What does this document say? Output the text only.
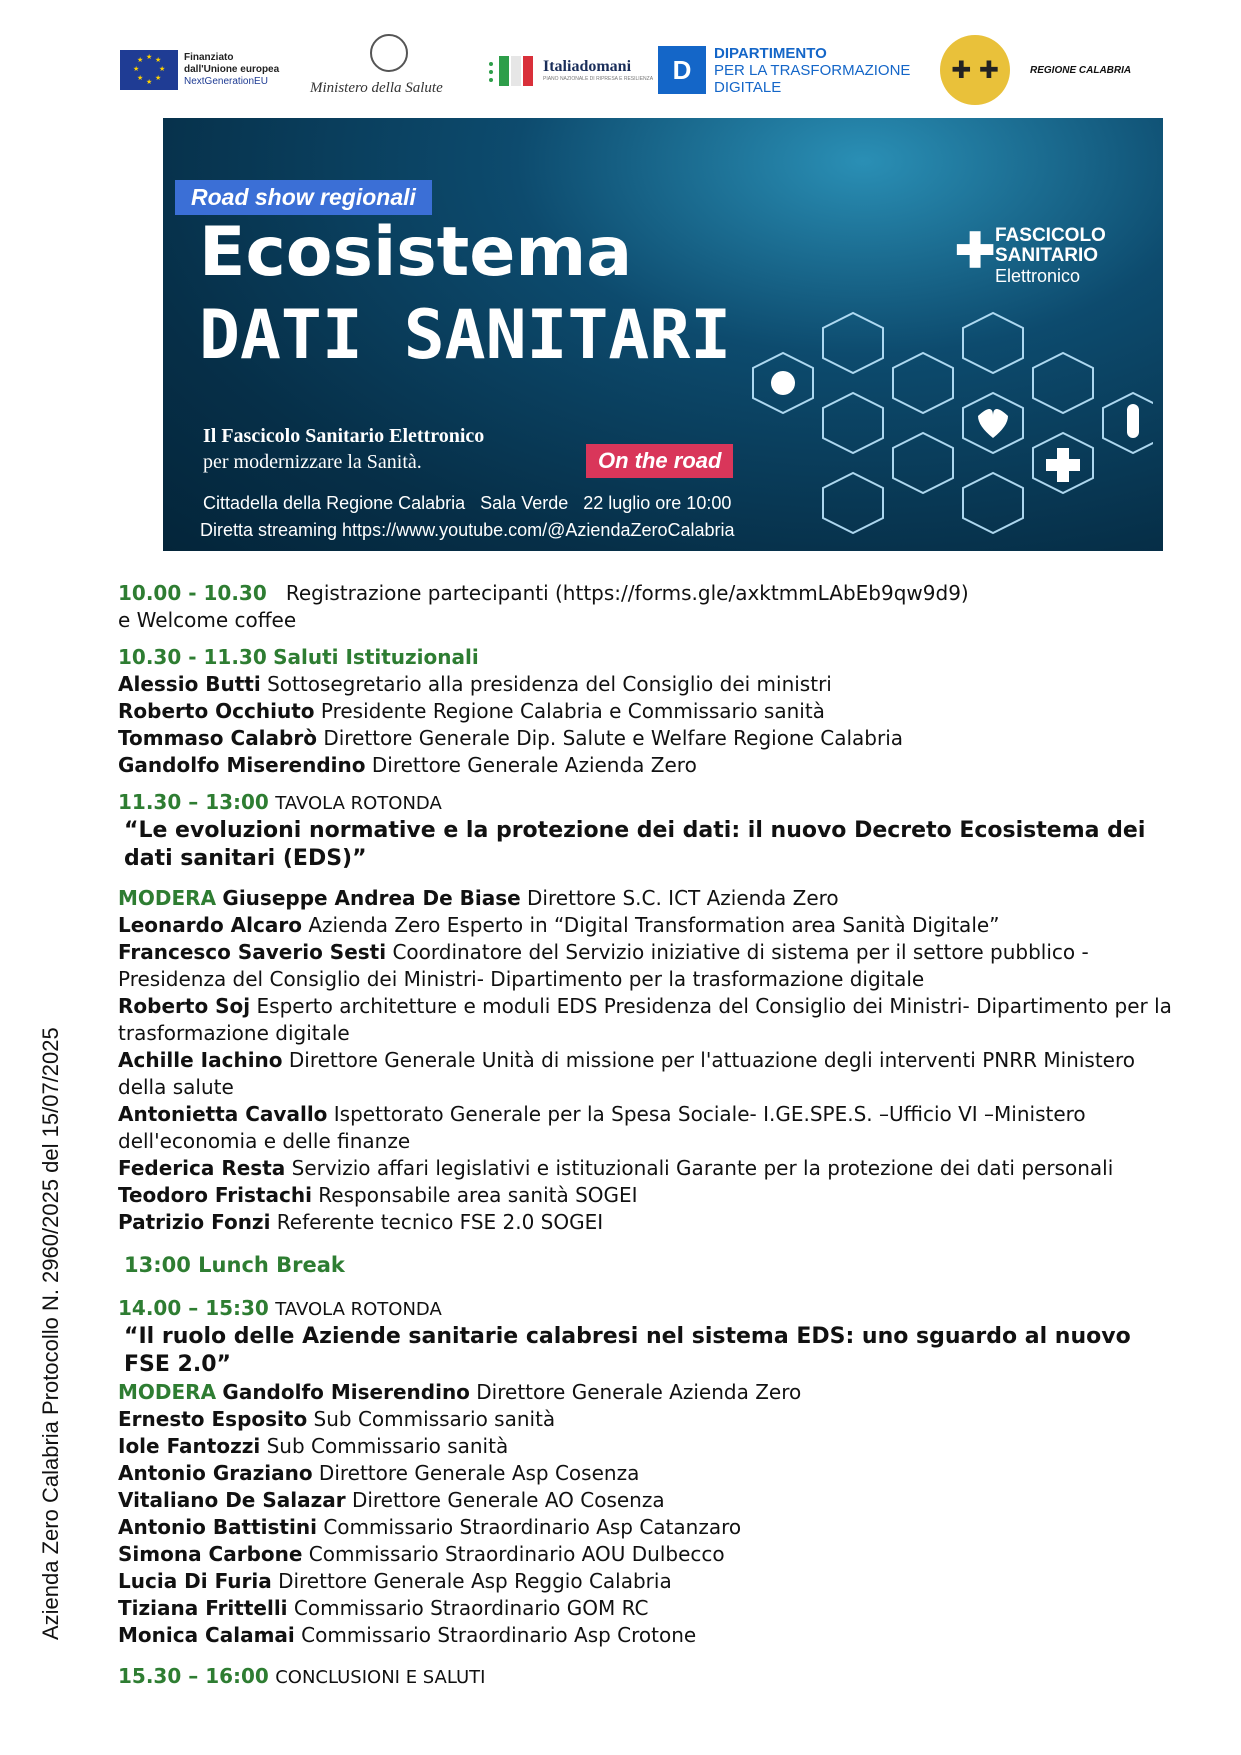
★ ★
★
★
★
★
★
★	Finanziato
dall'Unione europea
NextGenerationEU	Ministero della Salute
Italiadomani
PIANO NAZIONALE DI RIPRESA E RESILIENZA D
DIPARTIMENTO
PER LA TRASFORMAZIONE
DIGITALE
✚ ✚	REGIONE CALABRIA
Road show regionali
Ecosistema
DATI SANITARI
Il Fascicolo Sanitario Elettronico
per modernizzare la Sanità.	On the road
Cittadella della Regione Calabria   Sala Verde   22 luglio ore 10:00
Diretta streaming https://www.youtube.com/@AziendaZeroCalabria
✚ FASCICOLO
SANITARIO
Elettronico
10.00 - 10.30 Registrazione partecipanti (https://forms.gle/axktmmLAbEb9qw9d9)
e Welcome coffee
10.30 - 11.30 Saluti Istituzionali
Alessio Butti Sottosegretario alla presidenza del Consiglio dei ministri
Roberto Occhiuto Presidente Regione Calabria e Commissario sanità
Tommaso Calabrò Direttore Generale Dip. Salute e Welfare Regione Calabria
Gandolfo Miserendino Direttore Generale Azienda Zero
11.30 – 13:00 TAVOLA ROTONDA
“Le evoluzioni normative e la protezione dei dati: il nuovo Decreto Ecosistema dei dati sanitari (EDS)”
MODERA Giuseppe Andrea De Biase Direttore S.C. ICT Azienda Zero
Leonardo Alcaro Azienda Zero Esperto in “Digital Transformation area Sanità Digitale”
Francesco Saverio Sesti Coordinatore del Servizio iniziative di sistema per il settore pubblico - Presidenza del Consiglio dei Ministri- Dipartimento per la trasformazione digitale
Roberto Soj Esperto architetture e moduli EDS Presidenza del Consiglio dei Ministri- Dipartimento per la trasformazione digitale
Achille Iachino Direttore Generale Unità di missione per l'attuazione degli interventi PNRR Ministero della salute
Antonietta Cavallo Ispettorato Generale per la Spesa Sociale- I.GE.SPE.S. –Ufficio VI –Ministero dell'economia e delle finanze
Federica Resta Servizio affari legislativi e istituzionali Garante per la protezione dei dati personali
Teodoro Fristachi Responsabile area sanità SOGEI
Patrizio Fonzi Referente tecnico FSE 2.0 SOGEI
13:00 Lunch Break
14.00 – 15:30 TAVOLA ROTONDA
“Il ruolo delle Aziende sanitarie calabresi nel sistema EDS: uno sguardo al nuovo FSE 2.0”
MODERA Gandolfo Miserendino Direttore Generale Azienda Zero
Ernesto Esposito Sub Commissario sanità
Iole Fantozzi Sub Commissario sanità
Antonio Graziano Direttore Generale Asp Cosenza
Vitaliano De Salazar Direttore Generale AO Cosenza
Antonio Battistini Commissario Straordinario Asp Catanzaro
Simona Carbone Commissario Straordinario AOU Dulbecco
Lucia Di Furia Direttore Generale Asp Reggio Calabria
Tiziana Frittelli Commissario Straordinario GOM RC
Monica Calamai Commissario Straordinario Asp Crotone
15.30 – 16:00 CONCLUSIONI E SALUTI
Azienda Zero Calabria Protocollo N. 2960/2025 del 15/07/2025
